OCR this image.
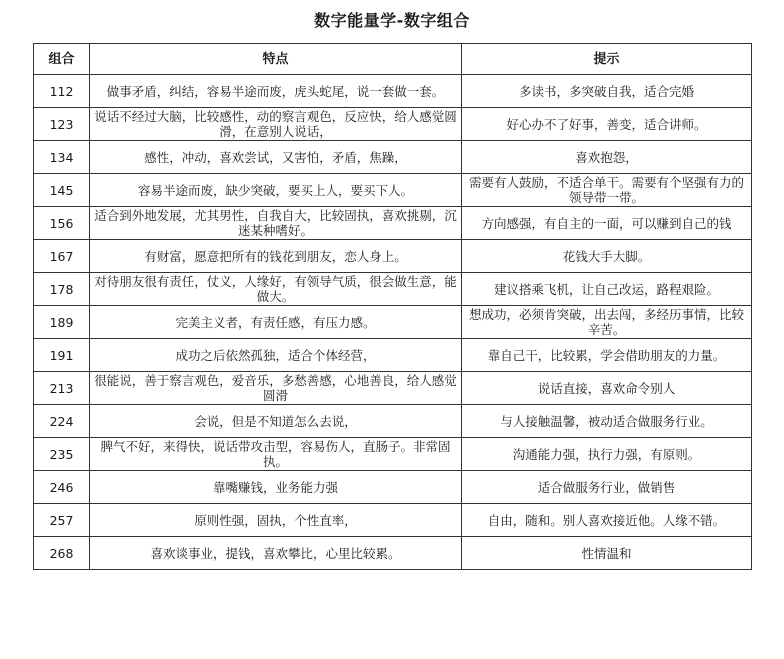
数字能量学-数字组合
组合	特点	提示
112	做事矛盾，纠结，容易半途而废，虎头蛇尾，说一套做一套。	多读书，多突破自我，适合完婚
123	说话不经过大脑，比较感性，动的察言观色，反应快，给人感觉圆滑，在意别人说话，	好心办不了好事，善变，适合讲师。
134	感性，冲动，喜欢尝试，又害怕，矛盾，焦躁，	喜欢抱怨，
145	容易半途而废，缺少突破，要买上人，要买下人。	需要有人鼓励，不适合单干。需要有个坚强有力的领导带一带。
156	适合到外地发展，尤其男性，自我自大，比较固执，喜欢挑剔，沉迷某种嗜好。	方向感强，有自主的一面，可以赚到自己的钱
167	有财富，愿意把所有的钱花到朋友，恋人身上。	花钱大手大脚。
178	对待朋友很有责任，仗义，人缘好，有领导气质，很会做生意，能做大。	建议搭乘飞机，让自己改运，路程艰险。
189	完美主义者，有责任感，有压力感。	想成功，必须肯突破，出去闯，多经历事情，比较辛苦。
191	成功之后依然孤独，适合个体经营，	靠自己干，比较累，学会借助朋友的力量。
213	很能说，善于察言观色，爱音乐，多愁善感，心地善良，给人感觉圆滑	说话直接，喜欢命令别人
224	会说，但是不知道怎么去说，	与人接触温馨，被动适合做服务行业。
235	脾气不好，来得快，说话带攻击型，容易伤人，直肠子。非常固执。	沟通能力强，执行力强，有原则。
246	靠嘴赚钱，业务能力强	适合做服务行业，做销售
257	原则性强，固执，个性直率，	自由，随和。别人喜欢接近他。人缘不错。
268	喜欢谈事业，提钱，喜欢攀比，心里比较累。	性情温和
